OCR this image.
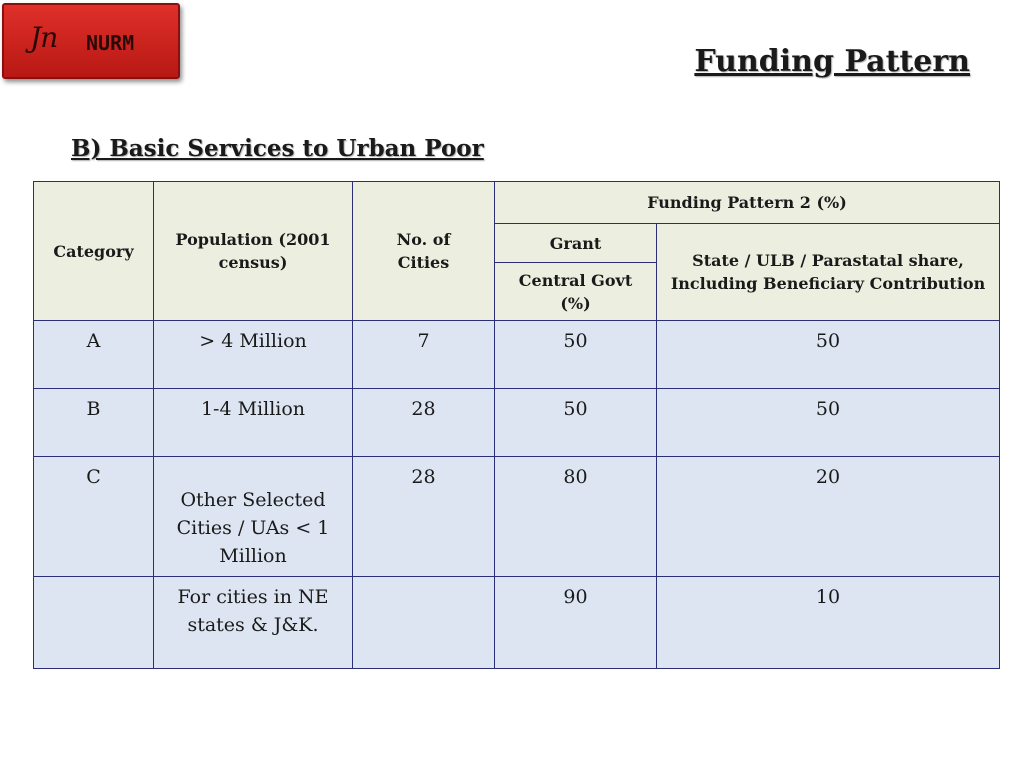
Jn NURM
Funding Pattern
B) Basic Services to Urban Poor
Category	Population (2001 census)	No. of Cities	Funding Pattern 2 (%)	
			Grant	State / ULB / Parastatal share, Including Beneficiary Contribution
			Central Govt (%)	
A	> 4 Million	7	50	50
B	1-4 Million	28	50	50
C	Other Selected Cities / UAs < 1 Million	28	80	20
	For cities in NE states & J&K.		90	10
